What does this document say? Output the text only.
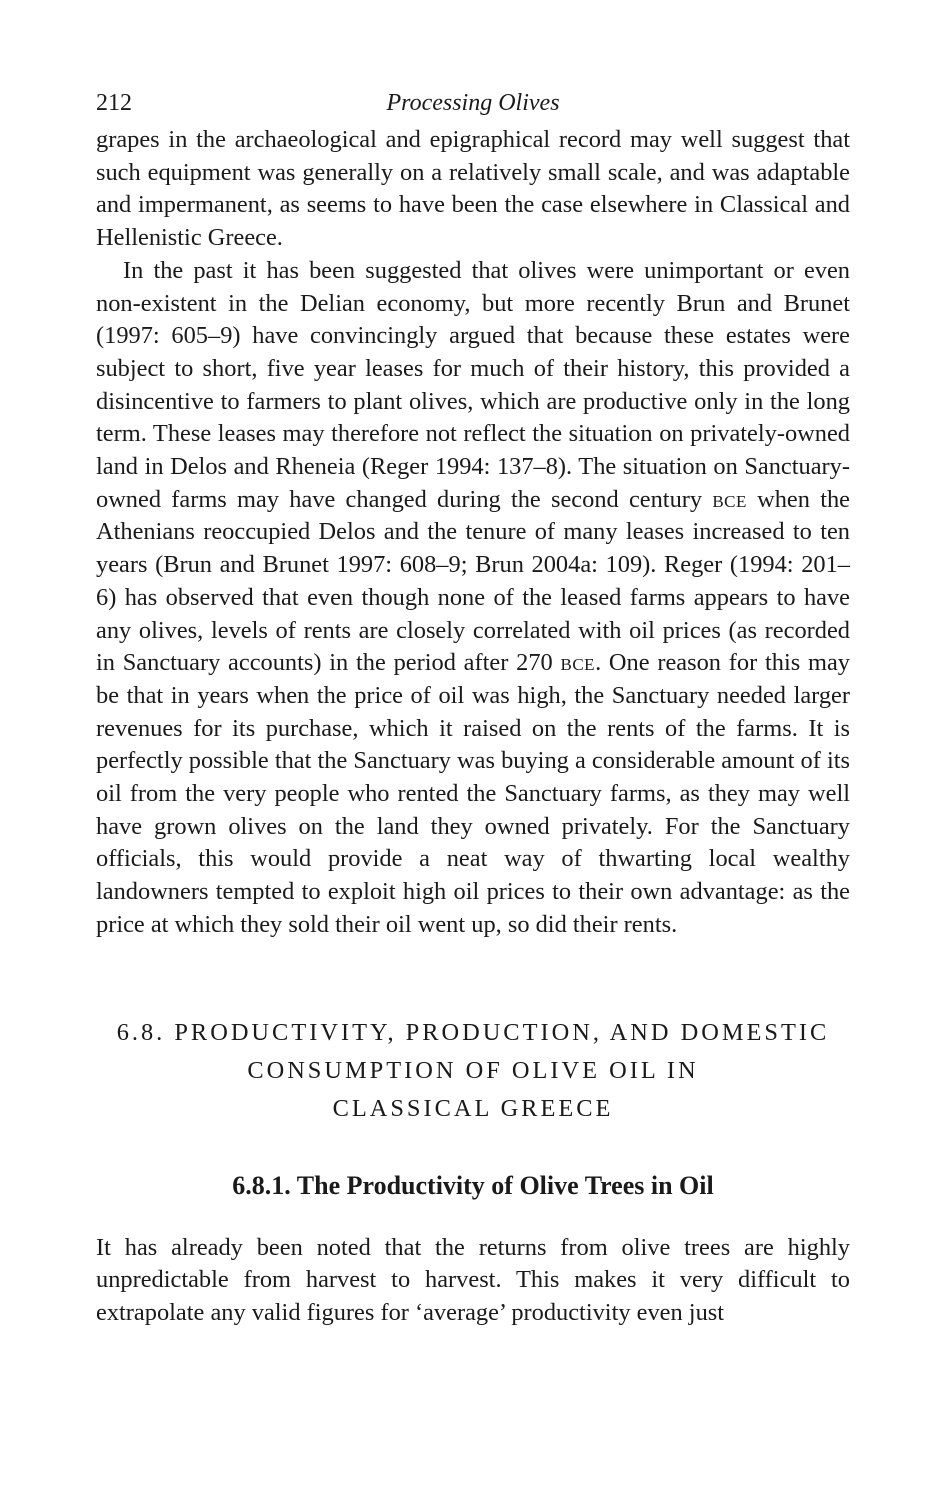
212	Processing Olives

grapes in the archaeological and epigraphical record may well suggest that such equipment was generally on a relatively small scale, and was adaptable and impermanent, as seems to have been the case elsewhere in Classical and Hellenistic Greece.

In the past it has been suggested that olives were unimportant or even non-existent in the Delian economy, but more recently Brun and Brunet (1997: 605–9) have convincingly argued that because these estates were subject to short, five year leases for much of their history, this provided a disincentive to farmers to plant olives, which are productive only in the long term. These leases may therefore not reflect the situation on privately-owned land in Delos and Rheneia (Reger 1994: 137–8). The situation on Sanctuary-owned farms may have changed during the second century bce when the Athenians reoccupied Delos and the tenure of many leases increased to ten years (Brun and Brunet 1997: 608–9; Brun 2004a: 109). Reger (1994: 201–6) has observed that even though none of the leased farms appears to have any olives, levels of rents are closely correlated with oil prices (as recorded in Sanctuary accounts) in the period after 270 bce. One reason for this may be that in years when the price of oil was high, the Sanctuary needed larger revenues for its purchase, which it raised on the rents of the farms. It is perfectly possible that the Sanctuary was buying a considerable amount of its oil from the very people who rented the Sanctuary farms, as they may well have grown olives on the land they owned privately. For the Sanctuary officials, this would provide a neat way of thwarting local wealthy landowners tempted to exploit high oil prices to their own advantage: as the price at which they sold their oil went up, so did their rents.

6.8. PRODUCTIVITY, PRODUCTION, AND DOMESTIC
CONSUMPTION OF OLIVE OIL IN
CLASSICAL GREECE
6.8.1. The Productivity of Olive Trees in Oil

It has already been noted that the returns from olive trees are highly unpredictable from harvest to harvest. This makes it very difficult to extrapolate any valid figures for ‘average’ productivity even just
